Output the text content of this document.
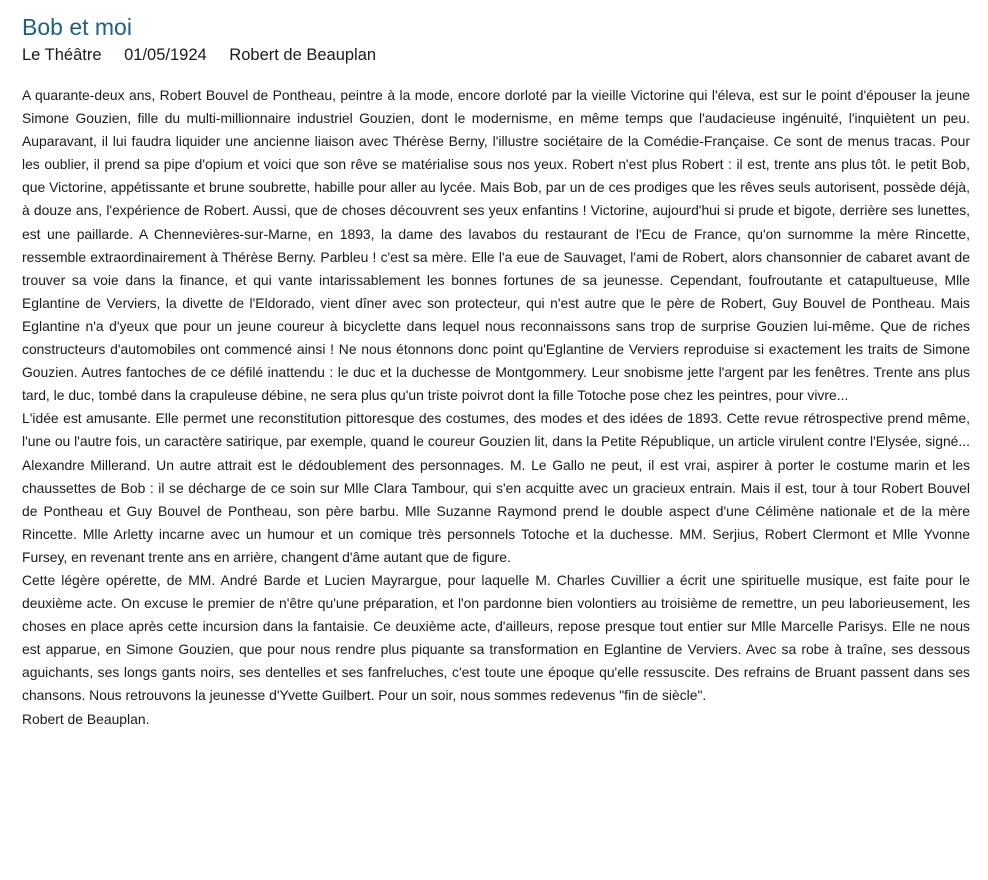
Bob et moi
Le Théâtre 01/05/1924 Robert de Beauplan

A quarante-deux ans, Robert Bouvel de Pontheau, peintre à la mode, encore dorloté par la vieille Victorine qui l'éleva, est sur le point d'épouser la jeune Simone Gouzien, fille du multi-millionnaire industriel Gouzien, dont le modernisme, en même temps que l'audacieuse ingénuité, l'inquiètent un peu. Auparavant, il lui faudra liquider une ancienne liaison avec Thérèse Berny, l'illustre sociétaire de la Comédie-Française. Ce sont de menus tracas. Pour les oublier, il prend sa pipe d'opium et voici que son rêve se matérialise sous nos yeux. Robert n'est plus Robert : il est, trente ans plus tôt. le petit Bob, que Victorine, appétissante et brune soubrette, habille pour aller au lycée. Mais Bob, par un de ces prodiges que les rêves seuls autorisent, possède déjà, à douze ans, l'expérience de Robert. Aussi, que de choses découvrent ses yeux enfantins ! Victorine, aujourd'hui si prude et bigote, derrière ses lunettes, est une paillarde. A Chennevières-sur-Marne, en 1893, la dame des lavabos du restaurant de l'Ecu de France, qu'on surnomme la mère Rincette, ressemble extraordinairement à Thérèse Berny. Parbleu ! c'est sa mère. Elle l'a eue de Sauvaget, l'ami de Robert, alors chansonnier de cabaret avant de trouver sa voie dans la finance, et qui vante intarissablement les bonnes fortunes de sa jeunesse. Cependant, foufroutante et catapultueuse, Mlle Eglantine de Verviers, la divette de l'Eldorado, vient dîner avec son protecteur, qui n'est autre que le père de Robert, Guy Bouvel de Pontheau. Mais Eglantine n'a d'yeux que pour un jeune coureur à bicyclette dans lequel nous reconnaissons sans trop de surprise Gouzien lui-même. Que de riches constructeurs d'automobiles ont commencé ainsi ! Ne nous étonnons donc point qu'Eglantine de Verviers reproduise si exactement les traits de Simone Gouzien. Autres fantoches de ce défilé inattendu : le duc et la duchesse de Montgommery. Leur snobisme jette l'argent par les fenêtres. Trente ans plus tard, le duc, tombé dans la crapuleuse débine, ne sera plus qu'un triste poivrot dont la fille Totoche pose chez les peintres, pour vivre...

L'idée est amusante. Elle permet une reconstitution pittoresque des costumes, des modes et des idées de 1893. Cette revue rétrospective prend même, l'une ou l'autre fois, un caractère satirique, par exemple, quand le coureur Gouzien lit, dans la Petite République, un article virulent contre l'Elysée, signé... Alexandre Millerand. Un autre attrait est le dédoublement des personnages. M. Le Gallo ne peut, il est vrai, aspirer à porter le costume marin et les chaussettes de Bob : il se décharge de ce soin sur Mlle Clara Tambour, qui s'en acquitte avec un gracieux entrain. Mais il est, tour à tour Robert Bouvel de Pontheau et Guy Bouvel de Pontheau, son père barbu. Mlle Suzanne Raymond prend le double aspect d'une Célimène nationale et de la mère Rincette. Mlle Arletty incarne avec un humour et un comique très personnels Totoche et la duchesse. MM. Serjius, Robert Clermont et Mlle Yvonne Fursey, en revenant trente ans en arrière, changent d'âme autant que de figure.

Cette légère opérette, de MM. André Barde et Lucien Mayrargue, pour laquelle M. Charles Cuvillier a écrit une spirituelle musique, est faite pour le deuxième acte. On excuse le premier de n'être qu'une préparation, et l'on pardonne bien volontiers au troisième de remettre, un peu laborieusement, les choses en place après cette incursion dans la fantaisie. Ce deuxième acte, d'ailleurs, repose presque tout entier sur Mlle Marcelle Parisys. Elle ne nous est apparue, en Simone Gouzien, que pour nous rendre plus piquante sa transformation en Eglantine de Verviers. Avec sa robe à traîne, ses dessous aguichants, ses longs gants noirs, ses dentelles et ses fanfreluches, c'est toute une époque qu'elle ressuscite. Des refrains de Bruant passent dans ses chansons. Nous retrouvons la jeunesse d'Yvette Guilbert. Pour un soir, nous sommes redevenus "fin de siècle".

Robert de Beauplan.
